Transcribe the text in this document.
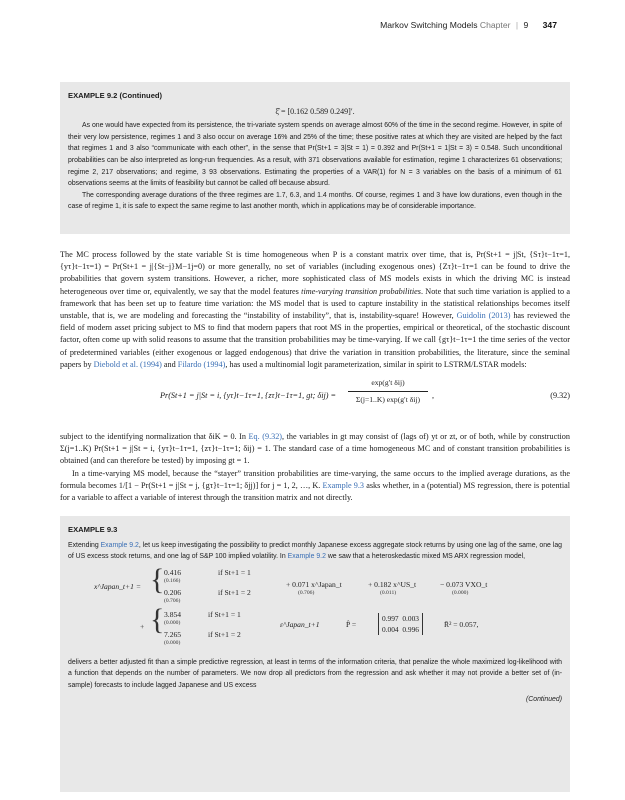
Markov Switching Models Chapter | 9 347
EXAMPLE 9.2 (Continued)
ξ̂ = [0.162 0.589 0.249]′.

As one would have expected from its persistence, the tri-variate system spends on average almost 60% of the time in the second regime. However, in spite of their very low persistence, regimes 1 and 3 also occur on average 16% and 25% of the time; these positive rates at which they are visited are helped by the fact that regimes 1 and 3 also “communicate with each other”, in the sense that Pr(St+1 = 3|St = 1) = 0.392 and Pr(St+1 = 1|St = 3) = 0.548. Such unconditional probabilities can be also interpreted as long-run frequencies. As a result, with 371 observations available for estimation, regime 1 characterizes 61 observations; regime 2, 217 observations; and regime, 3 93 observations. Estimating the properties of a VAR(1) for N = 3 variables on the basis of a minimum of 61 observations seems at the limits of feasibility but cannot be called off because absurd.

The corresponding average durations of the three regimes are 1.7, 6.3, and 1.4 months. Of course, regimes 1 and 3 have low durations, even though in the case of regime 1, it is safe to expect the same regime to last another month, which in applications may be of considerable importance.

The MC process followed by the state variable St is time homogeneous when P is a constant matrix over time, that is, Pr(St+1 = j|St, {Sτ}t−1τ=1, {yτ}t−1τ=1) = Pr(St+1 = j|{St−j}M−1j=0) or more generally, no set of variables (including exogenous ones) {Zτ}t−1τ=1 can be found to drive the probabilities that govern system transitions. However, a richer, more sophisticated class of MS models exists in which the driving MC is instead heterogeneous over time or, equivalently, we say that the model features time-varying transition probabilities. Note that such time variation is applied to a framework that has been set up to feature time variation: the MS model that is used to capture instability in the statistical relationships becomes itself unstable, that is, we are modeling and forecasting the “instability of instability”, that is, instability-square! However, Guidolin (2013) has reviewed the field of modern asset pricing subject to MS to find that modern papers that root MS in the properties, empirical or theoretical, of the stochastic discount factor, often come up with solid reasons to assume that the transition probabilities may be time-varying. If we call {gτ}t−1τ=1 the time series of the vector of predetermined variables (either exogenous or lagged endogenous) that drive the variation in transition probabilities, the literature, since the seminal papers by Diebold et al. (1994) and Filardo (1994), has used a multinomial logit parameterization, similar in spirit to LSTRM/LSTAR models:

Pr(St+1 = j|St = i, {yτ}t−1τ=1, {zτ}t−1τ=1, gt; δij) =
exp(g′t δij)
Σ(j=1..K) exp(g′t δij)	,	(9.32)

subject to the identifying normalization that δiK = 0. In Eq. (9.32), the variables in gt may consist of (lags of) yt or zt, or of both, while by construction Σ(j=1..K) Pr(St+1 = j|St = i, {yτ}t−1τ=1, {zτ}t−1τ=1; δij) = 1. The standard case of a time homogeneous MC and of constant transition probabilities is obtained (and can therefore be tested) by imposing gt = 1.

In a time-varying MS model, because the “stayer” transition probabilities are time-varying, the same occurs to the implied average durations, as the formula becomes 1/[1 − Pr(St+1 = j|St = j, {gτ}t−1τ=1; δjj)] for j = 1, 2, …, K. Example 9.3 asks whether, in a (potential) MS regression, there is potential for a variable to affect a variable of interest through the transition matrix and not directly.

EXAMPLE 9.3

Extending Example 9.2, let us keep investigating the possibility to predict monthly Japanese excess aggregate stock returns by using one lag of the same, one lag of US excess stock returns, and one lag of S&P 100 implied volatility. In Example 9.2 we saw that a heteroskedastic mixed MS ARX regression model,

x^Japan_t+1 = { 0.416
(0.166)
if St+1 = 1
0.206
(0.706)
if St+1 = 2
+ 0.071 x^Japan_t
(0.706)
+ 0.182 x^US_t
(0.011)
− 0.073 VXO_t
(0.000)
+ { 3.854
(0.000)
if St+1 = 1
7.265
(0.000)
if St+1 = 2
ε^Japan_t+1	P̂ =
0.997 0.003
0.004 0.996
R̄² = 0.057,

delivers a better adjusted fit than a simple predictive regression, at least in terms of the information criteria, that penalize the whole maximized log-likelihood with a function that depends on the number of parameters. We now drop all predictors from the regression and ask whether it may not provide a better set of (in-sample) forecasts to include lagged Japanese and US excess

(Continued)
